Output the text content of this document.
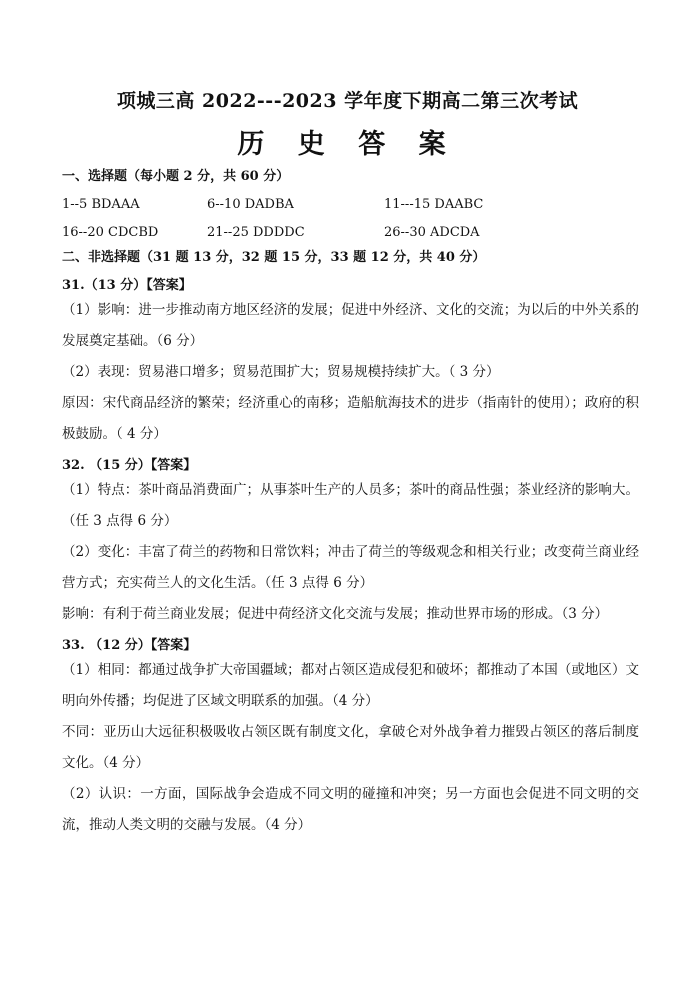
项城三高 2022---2023 学年度下期高二第三次考试
历 史 答 案
一、选择题（每小题 2 分，共 60 分）
1--5 BDAAA	6--10 DADBA	11---15 DAABC
16--20 CDCBD	21--25 DDDDC	26--30 ADCDA
二、非选择题（31 题 13 分，32 题 15 分，33 题 12 分，共 40 分）
31.（13 分）【答案】

（1）影响：进一步推动南方地区经济的发展；促进中外经济、文化的交流；为以后的中外关系的发展奠定基础。（6 分）

（2）表现：贸易港口增多；贸易范围扩大；贸易规模持续扩大。（ 3 分）

原因：宋代商品经济的繁荣；经济重心的南移；造船航海技术的进步（指南针的使用）；政府的积极鼓励。（ 4 分）

32. （15 分）【答案】

（1）特点：茶叶商品消费面广；从事茶叶生产的人员多；茶叶的商品性强；茶业经济的影响大。（任 3 点得 6 分）

（2）变化：丰富了荷兰的药物和日常饮料；冲击了荷兰的等级观念和相关行业；改变荷兰商业经营方式；充实荷兰人的文化生活。（任 3 点得 6 分）

影响：有利于荷兰商业发展；促进中荷经济文化交流与发展；推动世界市场的形成。（3 分）

33. （12 分）【答案】

（1）相同：都通过战争扩大帝国疆域；都对占领区造成侵犯和破坏；都推动了本国（或地区）文明向外传播；均促进了区域文明联系的加强。（4 分）

不同：亚历山大远征积极吸收占领区既有制度文化，拿破仑对外战争着力摧毁占领区的落后制度文化。（4 分）

（2）认识：一方面，国际战争会造成不同文明的碰撞和冲突；另一方面也会促进不同文明的交流，推动人类文明的交融与发展。（4 分）
